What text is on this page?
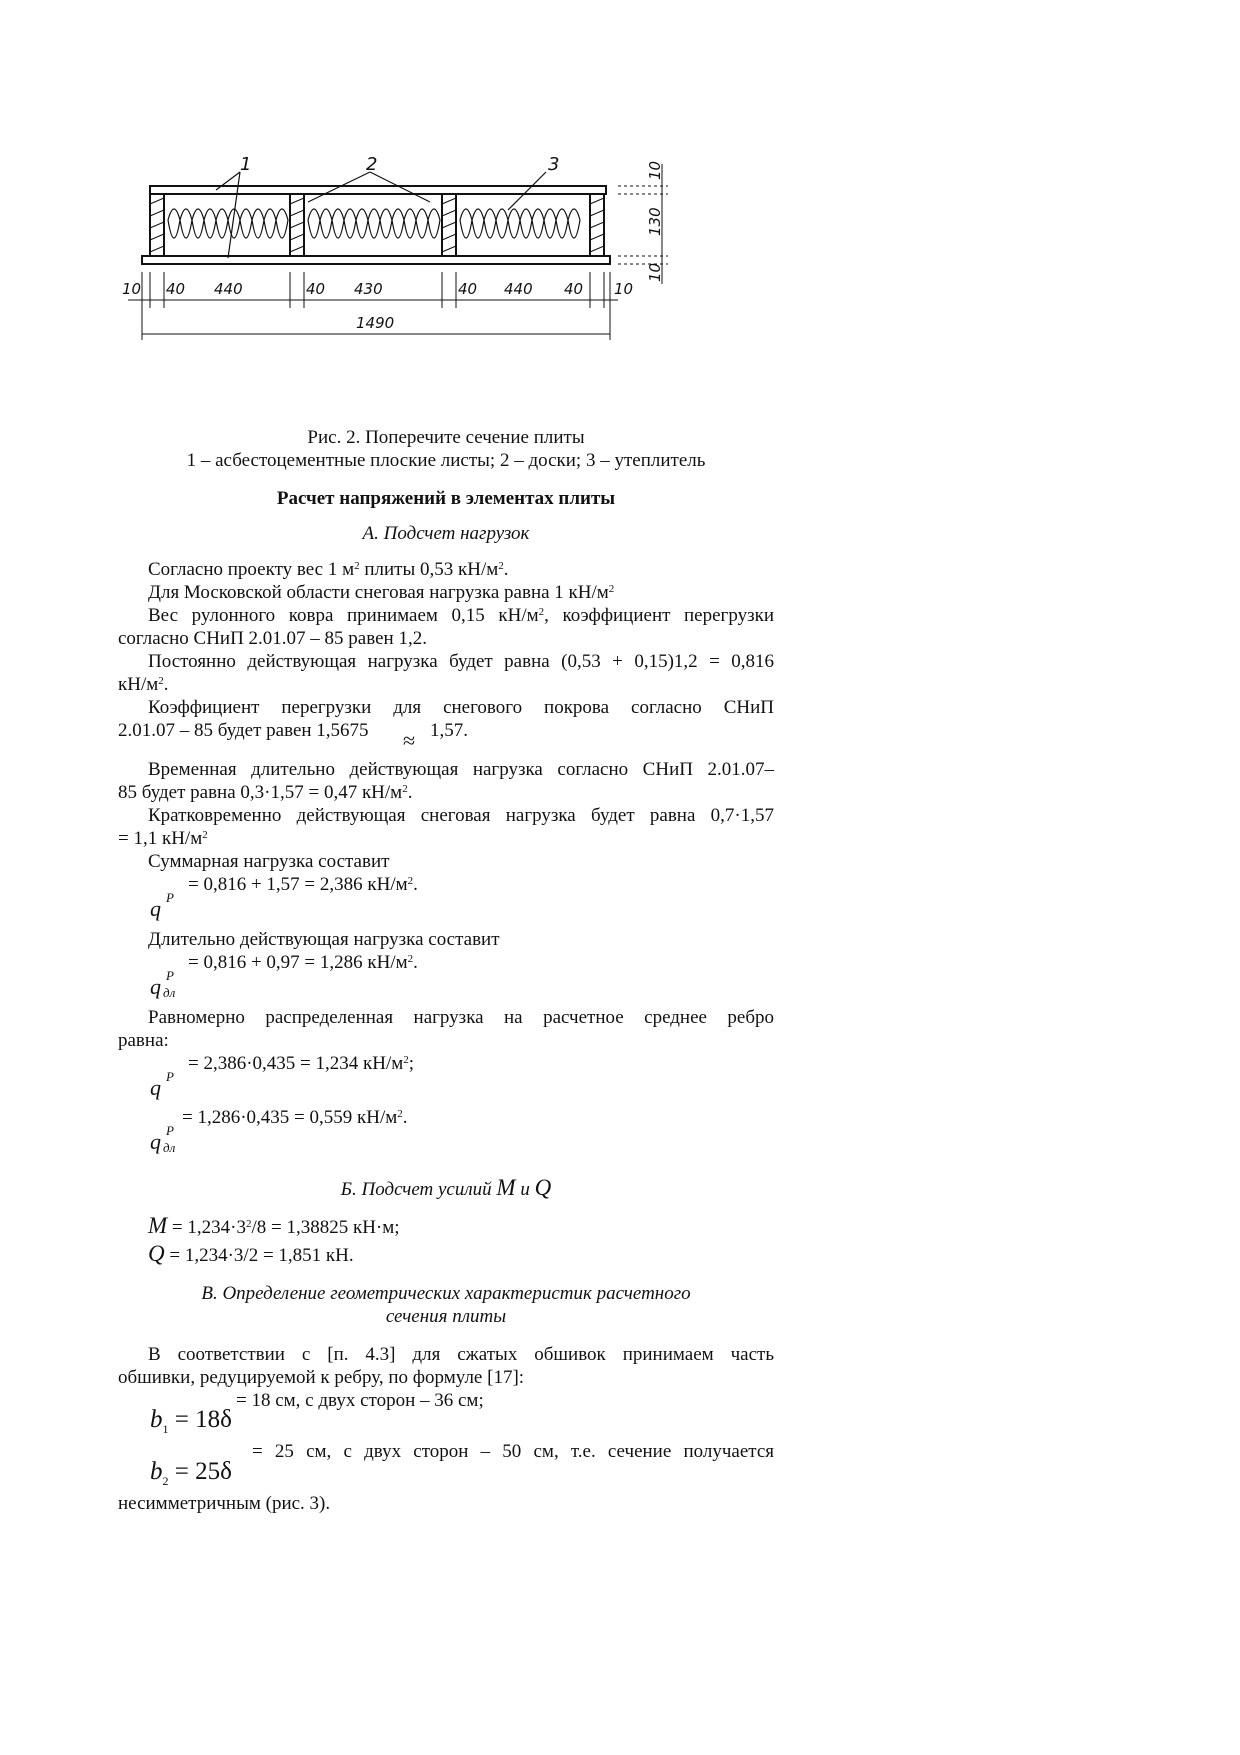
1	2	3	10
130
10
10 40 440	40 430	40 440 40 10
1490
Рис. 2. Поперечите сечение плиты
1 – асбестоцементные плоские листы; 2 – доски; 3 – утеплитель
Расчет напряжений в элементах плиты
А. Подсчет нагрузок
Согласно проекту вес 1 $м^2$ плиты 0,53 $кН/м^2$.
Для Московской области снеговая нагрузка равна 1 $кН/м^2$
Вес рулонного ковра принимаем 0,15 $кН/м^2$, коэффициент перегрузки
согласно СНиП 2.01.07 – 85 равен 1,2.
Постоянно действующая нагрузка будет равна (0,53 + 0,15)1,2 = 0,816
$кН/м^2$.
Коэффициент перегрузки для снегового покрова согласно СНиП
2.01.07 – 85 будет равен 1,5675 ≈ 1,57.
Временная длительно действующая нагрузка согласно СНиП 2.01.07–
85 будет равна 0,3·1,57 = 0,47 $кН/м^2$.
Кратковременно действующая снеговая нагрузка будет равна 0,7·1,57
= 1,1 $кН/м^2$
Суммарная нагрузка составит
= 0,816 + 1,57 = 2,386 $кН/м^2$.
q P
Длительно действующая нагрузка составит
= 0,816 + 0,97 = 1,286 $кН/м^2$.
q P
дл
Равномерно распределенная нагрузка на расчетное среднее ребро
равна:
= 2,386·0,435 = 1,234 $кН/м^2$;
q P
= 1,286·0,435 = 0,559 $кН/м^2$.
q P
дл
Б. Подсчет усилий M и Q
$M = 1,234\cdot 3^2/8 = 1,38825$ кН·м;
Q = 1,234·3/2 = 1,851 кН.
В. Определение геометрических характеристик расчетного
сечения плиты
В соответствии с [п. 4.3] для сжатых обшивок принимаем часть
обшивки, редуцируемой к ребру, по формуле [17]:
= 18 см, с двух сторон – 36 см;
$b_1 = 18\delta$
= 25 см, с двух сторон – 50 см, т.е. сечение получается
$b_2 = 25\delta$
несимметричным (рис. 3).
